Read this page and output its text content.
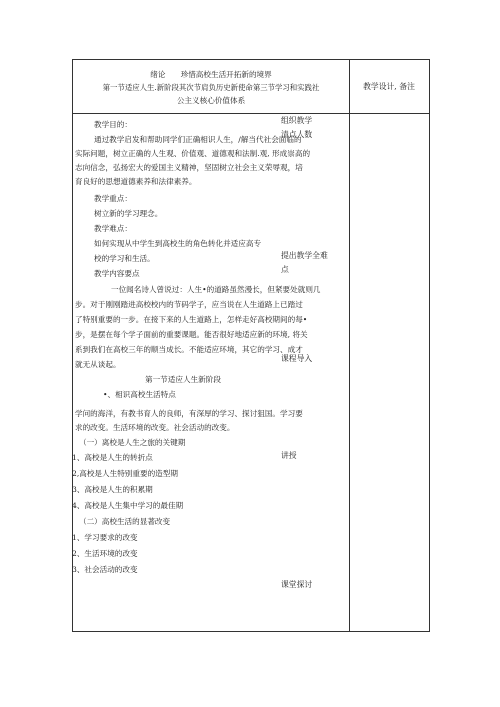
绪论　　珍惜高校生活开拓新的境界
第一节适应人生.新阶段其次节肩负历史新使命第三节学习和实践社
公主义核心价值体系
教学设计, 备注
组织教学
清点人数
提出教学全难
点
课程导入
讲授
课堂探讨
教学目的：
通过教学启发和帮助同学们正确相识人生，/解当代社会面临的
实际问题，树立正确的人生观、价值观、道德观和法制.观, 形成崇高的
志向信念，弘扬宏大的爱国主义精神，坚固树立社会主义荣辱观，培
育良好的思想道德素养和法律素养。
教学重点：
树立新的学习理念。
教学难点：
如何实现从中学生到高校生的角色转化并适应高专
校的学习和生活。
教学内容要点
一位闻名诗人曾说过：人生•的道路虽然漫长，但紧要处就则几
步。对于刚刚踏进高校校内的节码学子，应当说在人生道路上已踏过
了特别重要的一步。在接下来的人生道路上，怎样走好高校期间的每•
步，是摆在每个学子面前的重要课题。能否很好地适应新的环境, 将关
系到我们在高校三年的顺当成长。不能适应环境，其它的学习、成才
就无从谈起。
第一节适应人生新阶段
•、相识高校生活特点
学问的海洋，有教书育人的良师，有深厚的学习、探讨狙国。学习要
求的改变。生活环境的改变。社会活动的改变。
（一）离校是人生之旅的关键期
1、高校是人生的转折点
2,高校是人生特别重要的造型期
3、高校是人生的积累期
4、高校是人生集中学习的最佳期
（二）高校生活的显著改变
1、学习要求的改变
2、生活环境的改变
3、社会活动的改变
